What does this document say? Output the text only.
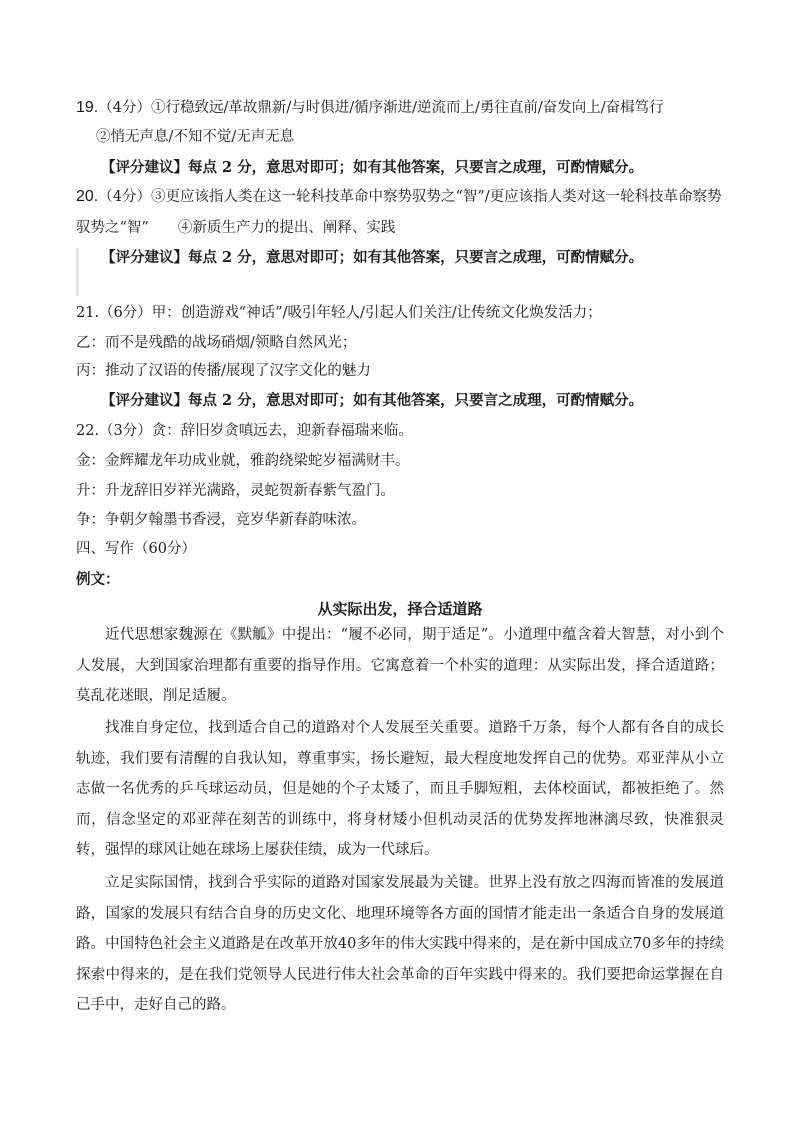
19.（4分）①行稳致远/革故鼎新/与时俱进/循序渐进/逆流而上/勇往直前/奋发向上/奋楫笃行
②悄无声息/不知不觉/无声无息
【评分建议】每点 2 分，意思对即可；如有其他答案，只要言之成理，可酌情赋分。
20.（4分）③更应该指人类在这一轮科技革命中察势驭势之“智”/更应该指人类对这一轮科技革命察势
驭势之“智”　　④新质生产力的提出、阐释、实践
【评分建议】每点 2 分，意思对即可；如有其他答案，只要言之成理，可酌情赋分。
21.（6分）甲：创造游戏“神话”/吸引年轻人/引起人们关注/让传统文化焕发活力；
乙：而不是残酷的战场硝烟/领略自然风光；
丙：推动了汉语的传播/展现了汉字文化的魅力
【评分建议】每点 2 分，意思对即可；如有其他答案，只要言之成理，可酌情赋分。
22.（3分）贪：辞旧岁贪嗔远去，迎新春福瑞来临。
金：金辉耀龙年功成业就，雅韵绕梁蛇岁福满财丰。
升：升龙辞旧岁祥光满路，灵蛇贺新春紫气盈门。
争：争朝夕翰墨书香浸，竞岁华新春韵味浓。
四、写作（60分）
例文：
从实际出发，择合适道路
近代思想家魏源在《默觚》中提出：“履不必同，期于适足”。小道理中蕴含着大智慧，对小到个人发展，大到国家治理都有重要的指导作用。它寓意着一个朴实的道理：从实际出发，择合适道路；莫乱花迷眼，削足适履。
找准自身定位，找到适合自己的道路对个人发展至关重要。道路千万条，每个人都有各自的成长轨迹，我们要有清醒的自我认知，尊重事实，扬长避短，最大程度地发挥自己的优势。邓亚萍从小立志做一名优秀的乒乓球运动员，但是她的个子太矮了，而且手脚短粗，去体校面试，都被拒绝了。然而，信念坚定的邓亚萍在刻苦的训练中，将身材矮小但机动灵活的优势发挥地淋漓尽致，快准狠灵转，强悍的球风让她在球场上屡获佳绩，成为一代球后。
立足实际国情，找到合乎实际的道路对国家发展最为关键。世界上没有放之四海而皆准的发展道路，国家的发展只有结合自身的历史文化、地理环境等各方面的国情才能走出一条适合自身的发展道路。中国特色社会主义道路是在改革开放40多年的伟大实践中得来的，是在新中国成立70多年的持续探索中得来的，是在我们党领导人民进行伟大社会革命的百年实践中得来的。我们要把命运掌握在自己手中，走好自己的路。
